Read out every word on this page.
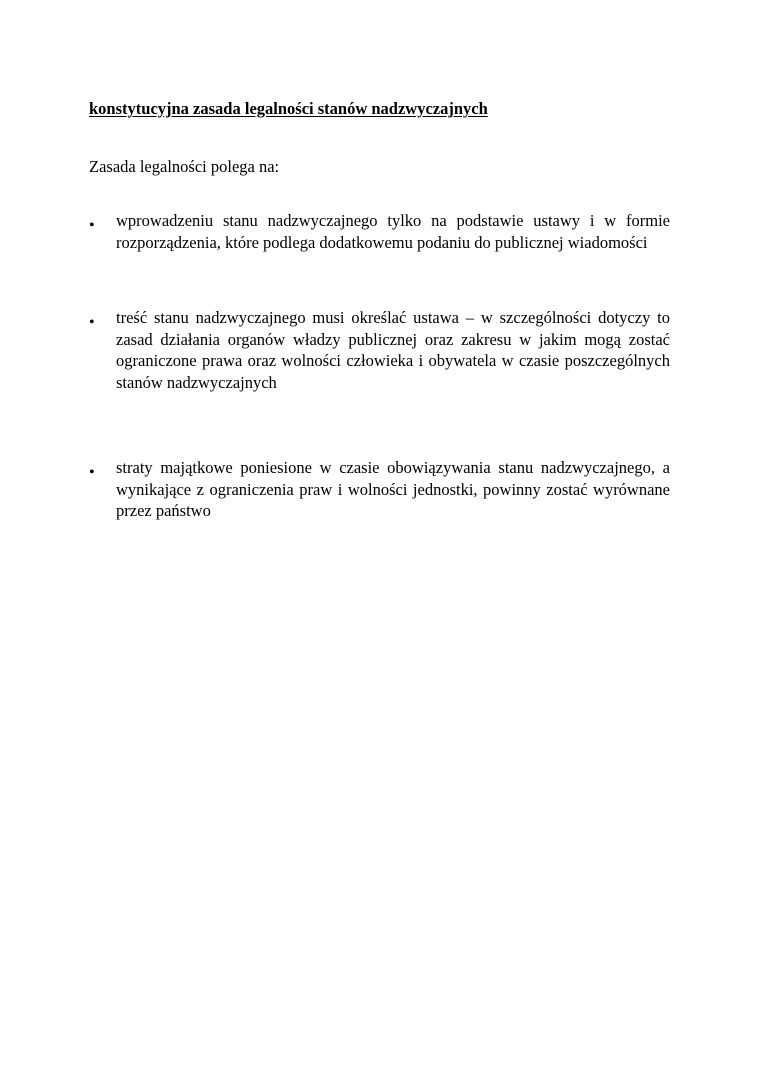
konstytucyjna zasada legalności stanów nadzwyczajnych
Zasada legalności polega na:
• wprowadzeniu stanu nadzwyczajnego tylko na podstawie ustawy i w formie rozporządzenia, które podlega dodatkowemu podaniu do publicznej wiadomości
• treść stanu nadzwyczajnego musi określać ustawa – w szczególności dotyczy to zasad działania organów władzy publicznej oraz zakresu w jakim mogą zostać ograniczone prawa oraz wolności człowieka i obywatela w czasie poszczególnych stanów nadzwyczajnych
• straty majątkowe poniesione w czasie obowiązywania stanu nadzwyczajnego, a wynikające z ograniczenia praw i wolności jednostki, powinny zostać wyrównane przez państwo
